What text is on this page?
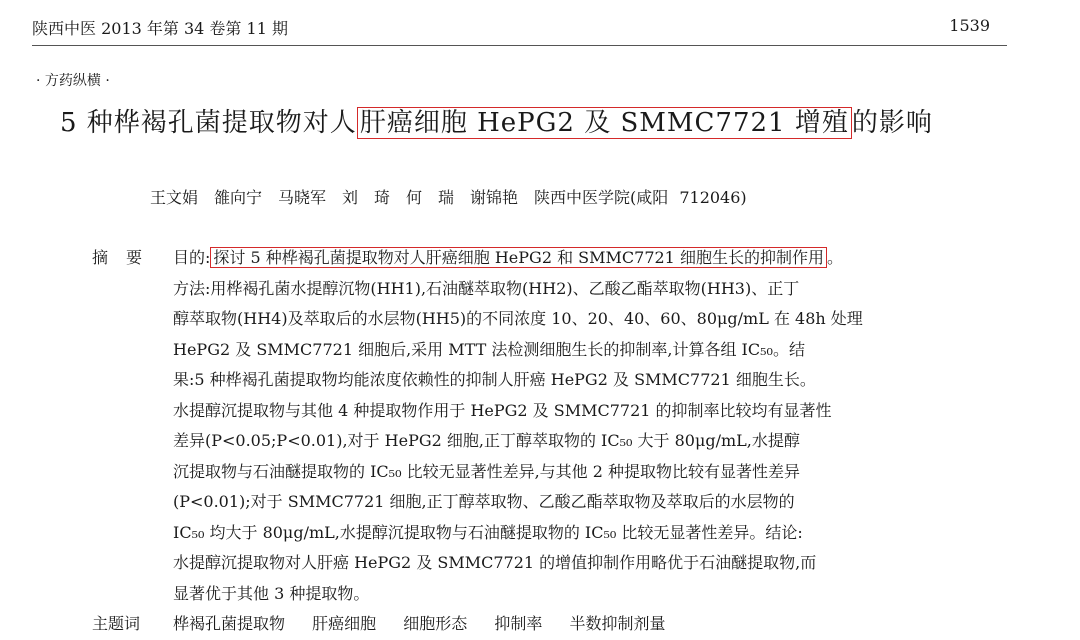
陕西中医 2013 年第 34 卷第 11 期	1539
· 方药纵横 ·
5 种桦褐孔菌提取物对人 肝癌细胞 HePG2 及 SMMC7721 增殖 的影响
王文娟　雒向宁　马晓军　刘　琦　何　瑞　谢锦艳　陕西中医学院(咸阳 712046)
摘要 目的: 探讨 5 种桦褐孔菌提取物对人肝癌细胞 HePG2 和 SMMC7721 细胞生长的抑制作用 。
方法:用桦褐孔菌水提醇沉物(HH1),石油醚萃取物(HH2)、乙酸乙酯萃取物(HH3)、正丁
醇萃取物(HH4)及萃取后的水层物(HH5)的不同浓度 10、20、40、60、80μg/mL 在 48h 处理
HePG2 及 SMMC7721 细胞后,采用 MTT 法检测细胞生长的抑制率,计算各组 IC₅₀。结
果:5 种桦褐孔菌提取物均能浓度依赖性的抑制人肝癌 HePG2 及 SMMC7721 细胞生长。
水提醇沉提取物与其他 4 种提取物作用于 HePG2 及 SMMC7721 的抑制率比较均有显著性
差异(P<0.05;P<0.01),对于 HePG2 细胞,正丁醇萃取物的 IC₅₀ 大于 80μg/mL,水提醇
沉提取物与石油醚提取物的 IC₅₀ 比较无显著性差异,与其他 2 种提取物比较有显著性差异
(P<0.01);对于 SMMC7721 细胞,正丁醇萃取物、乙酸乙酯萃取物及萃取后的水层物的
IC₅₀ 均大于 80μg/mL,水提醇沉提取物与石油醚提取物的 IC₅₀ 比较无显著性差异。结论:
水提醇沉提取物对人肝癌 HePG2 及 SMMC7721 的增值抑制作用略优于石油醚提取物,而
显著优于其他 3 种提取物。
主题词 桦褐孔菌提取物 肝癌细胞 细胞形态 抑制率 半数抑制剂量
